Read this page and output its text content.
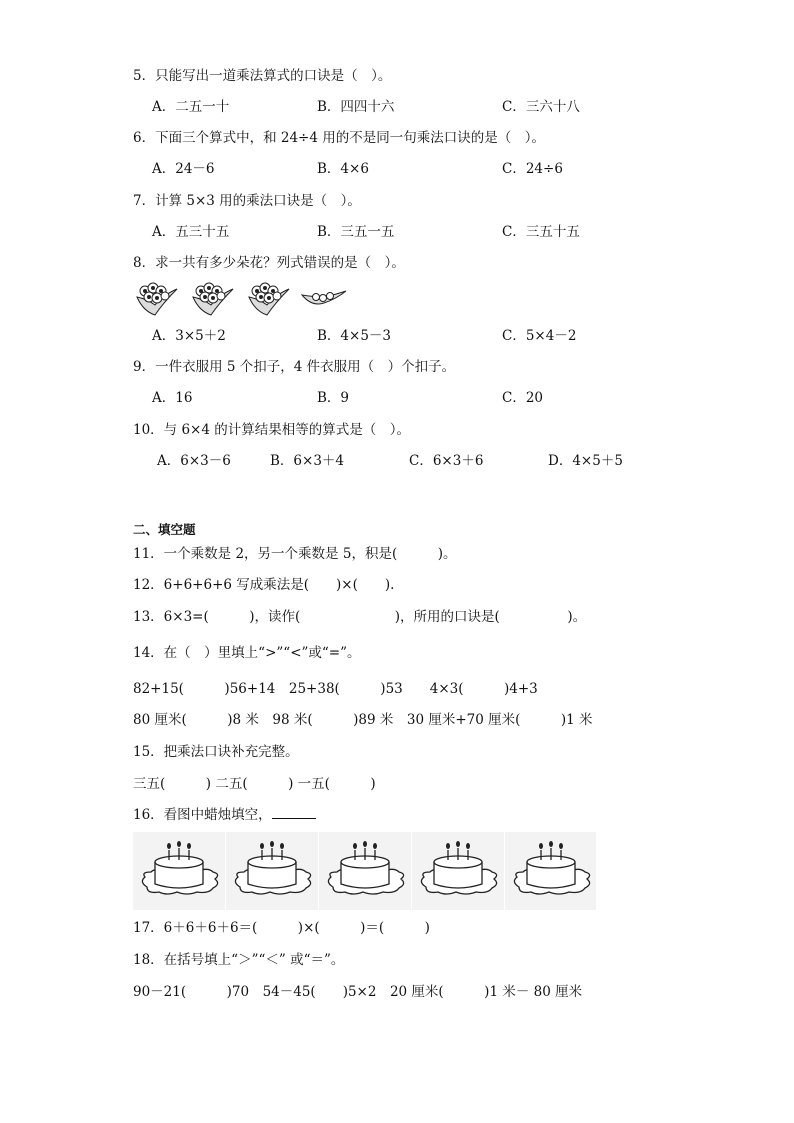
5．只能写出一道乘法算式的口诀是（　）。
A．二五一十	B．四四十六	C．三六十八
6．下面三个算式中，和 24÷4 用的不是同一句乘法口诀的是（　）。
A．24－6	B．4×6	C．24÷6
7．计算 5×3 用的乘法口诀是（　）。
A．五三十五	B．三五一五	C．三五十五
8．求一共有多少朵花？列式错误的是（　）。
A．3×5＋2	B．4×5－3	C．5×4－2
9．一件衣服用 5 个扣子，4 件衣服用（　）个扣子。
A．16	B．9	C．20
10．与 6×4 的计算结果相等的算式是（　）。
A．6×3－6	B．6×3＋4	C．6×3＋6	D．4×5＋5
二、填空题
11．一个乘数是 2，另一个乘数是 5，积是(　　　)。
12．6+6+6+6 写成乘法是(　　)×(　　).
13．6×3=(　　　)，读作(　　　　　　　)，所用的口诀是(　　　　　)。
14．在（　）里填上“>”“<”或“=”。
82+15(　　　)56+14　25+38(　　　)53　　4×3(　　　)4+3
80 厘米(　　　)8 米　98 米(　　　)89 米　30 厘米+70 厘米(　　　)1 米
15．把乘法口诀补充完整。
三五(　　　) 二五(　　　) 一五(　　　)
16．看图中蜡烛填空，
17．6＋6＋6＋6＝(　　　)×(　　　)＝(　　　)
18．在括号填上“＞”“＜” 或“＝”。
90－21(　　　)70　54－45(　　)5×2　20 厘米(　　　)1 米－ 80 厘米
